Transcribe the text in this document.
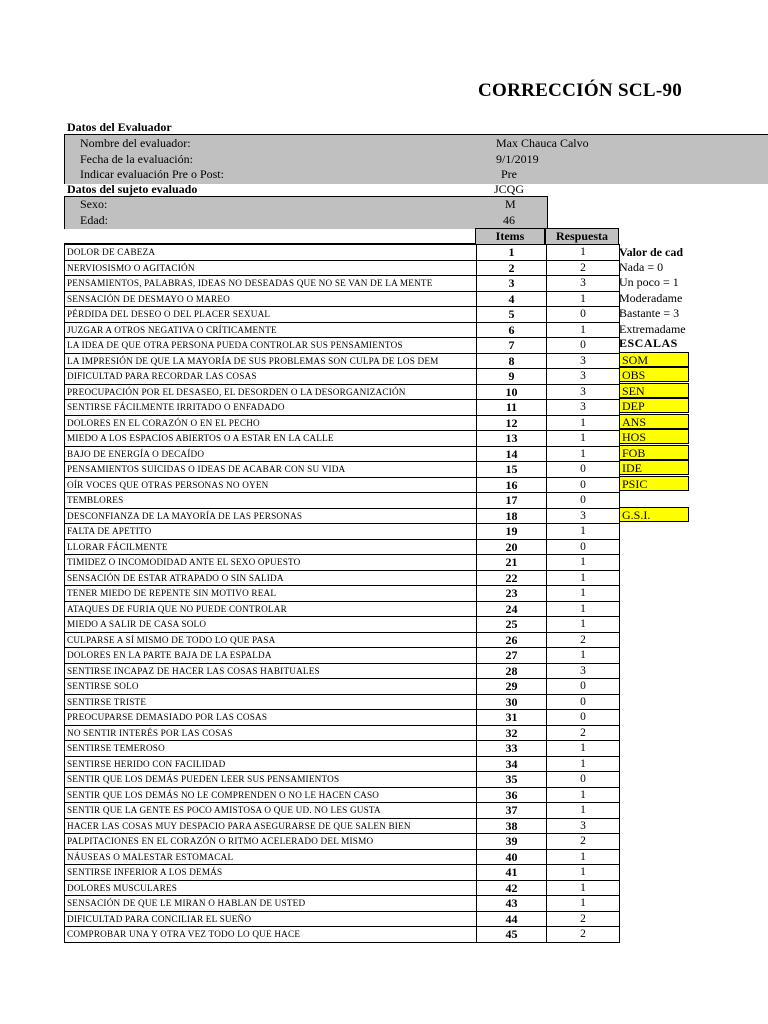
CORRECCIÓN SCL-90
Datos del Evaluador
Nombre del evaluador:	Max Chauca Calvo
Fecha de la evaluación:	9/1/2019
Indicar evaluación Pre o Post:	Pre
Datos del sujeto evaluado	JCQG
Sexo:	M
Edad:	46
Items	Respuesta
DOLOR DE CABEZA	1	1
NERVIOSISMO O AGITACIÓN	2	2
PENSAMIENTOS, PALABRAS, IDEAS NO DESEADAS QUE NO SE VAN DE LA MENTE	3	3
SENSACIÓN DE DESMAYO O MAREO	4	1
PÉRDIDA DEL DESEO O DEL PLACER SEXUAL	5	0
JUZGAR A OTROS NEGATIVA O CRÍTICAMENTE	6	1
LA IDEA DE QUE OTRA PERSONA PUEDA CONTROLAR SUS PENSAMIENTOS	7	0
LA IMPRESIÓN DE QUE LA MAYORÍA DE SUS PROBLEMAS SON CULPA DE LOS DEM	8	3
DIFICULTAD PARA RECORDAR LAS COSAS	9	3
PREOCUPACIÓN POR EL DESASEO, EL DESORDEN O LA DESORGANIZACIÓN	10	3
SENTIRSE FÁCILMENTE IRRITADO O ENFADADO	11	3
DOLORES EN EL CORAZÓN O EN EL PECHO	12	1
MIEDO A LOS ESPACIOS ABIERTOS O A ESTAR EN LA CALLE	13	1
BAJO DE ENERGÍA O DECAÍDO	14	1
PENSAMIENTOS SUICIDAS O IDEAS DE ACABAR CON SU VIDA	15	0
OÍR VOCES QUE OTRAS PERSONAS NO OYEN	16	0
TEMBLORES	17	0
DESCONFIANZA DE LA MAYORÍA DE LAS PERSONAS	18	3
FALTA DE APETITO	19	1
LLORAR FÁCILMENTE	20	0
TIMIDEZ O INCOMODIDAD ANTE EL SEXO OPUESTO	21	1
SENSACIÓN DE ESTAR ATRAPADO O SIN SALIDA	22	1
TENER MIEDO DE REPENTE SIN MOTIVO REAL	23	1
ATAQUES DE FURIA QUE NO PUEDE CONTROLAR	24	1
MIEDO A SALIR DE CASA SOLO	25	1
CULPARSE A SÍ MISMO DE TODO LO QUE PASA	26	2
DOLORES EN LA PARTE BAJA DE LA ESPALDA	27	1
SENTIRSE INCAPAZ DE HACER LAS COSAS HABITUALES	28	3
SENTIRSE SOLO	29	0
SENTIRSE TRISTE	30	0
PREOCUPARSE DEMASIADO POR LAS COSAS	31	0
NO SENTIR INTERÉS POR LAS COSAS	32	2
SENTIRSE TEMEROSO	33	1
SENTIRSE HERIDO CON FACILIDAD	34	1
SENTIR QUE LOS DEMÁS PUEDEN LEER SUS PENSAMIENTOS	35	0
SENTIR QUE LOS DEMÁS NO LE COMPRENDEN O NO LE HACEN CASO	36	1
SENTIR QUE LA GENTE ES POCO AMISTOSA O QUE UD. NO LES GUSTA	37	1
HACER LAS COSAS MUY DESPACIO PARA ASEGURARSE DE QUE SALEN BIEN	38	3
PALPITACIONES EN EL CORAZÓN O RITMO ACELERADO DEL MISMO	39	2
NÁUSEAS O MALESTAR ESTOMACAL	40	1
SENTIRSE INFERIOR A LOS DEMÁS	41	1
DOLORES MUSCULARES	42	1
SENSACIÓN DE QUE LE MIRAN O HABLAN DE USTED	43	1
DIFICULTAD PARA CONCILIAR EL SUEÑO	44	2
COMPROBAR UNA Y OTRA VEZ TODO LO QUE HACE	45	2
Valor de cad
Nada = 0
Un poco = 1
Moderadame
Bastante = 3
Extremadame
ESCALAS
SOM
OBS
SEN
DEP
ANS
HOS
FOB
IDE
PSIC
G.S.I.
